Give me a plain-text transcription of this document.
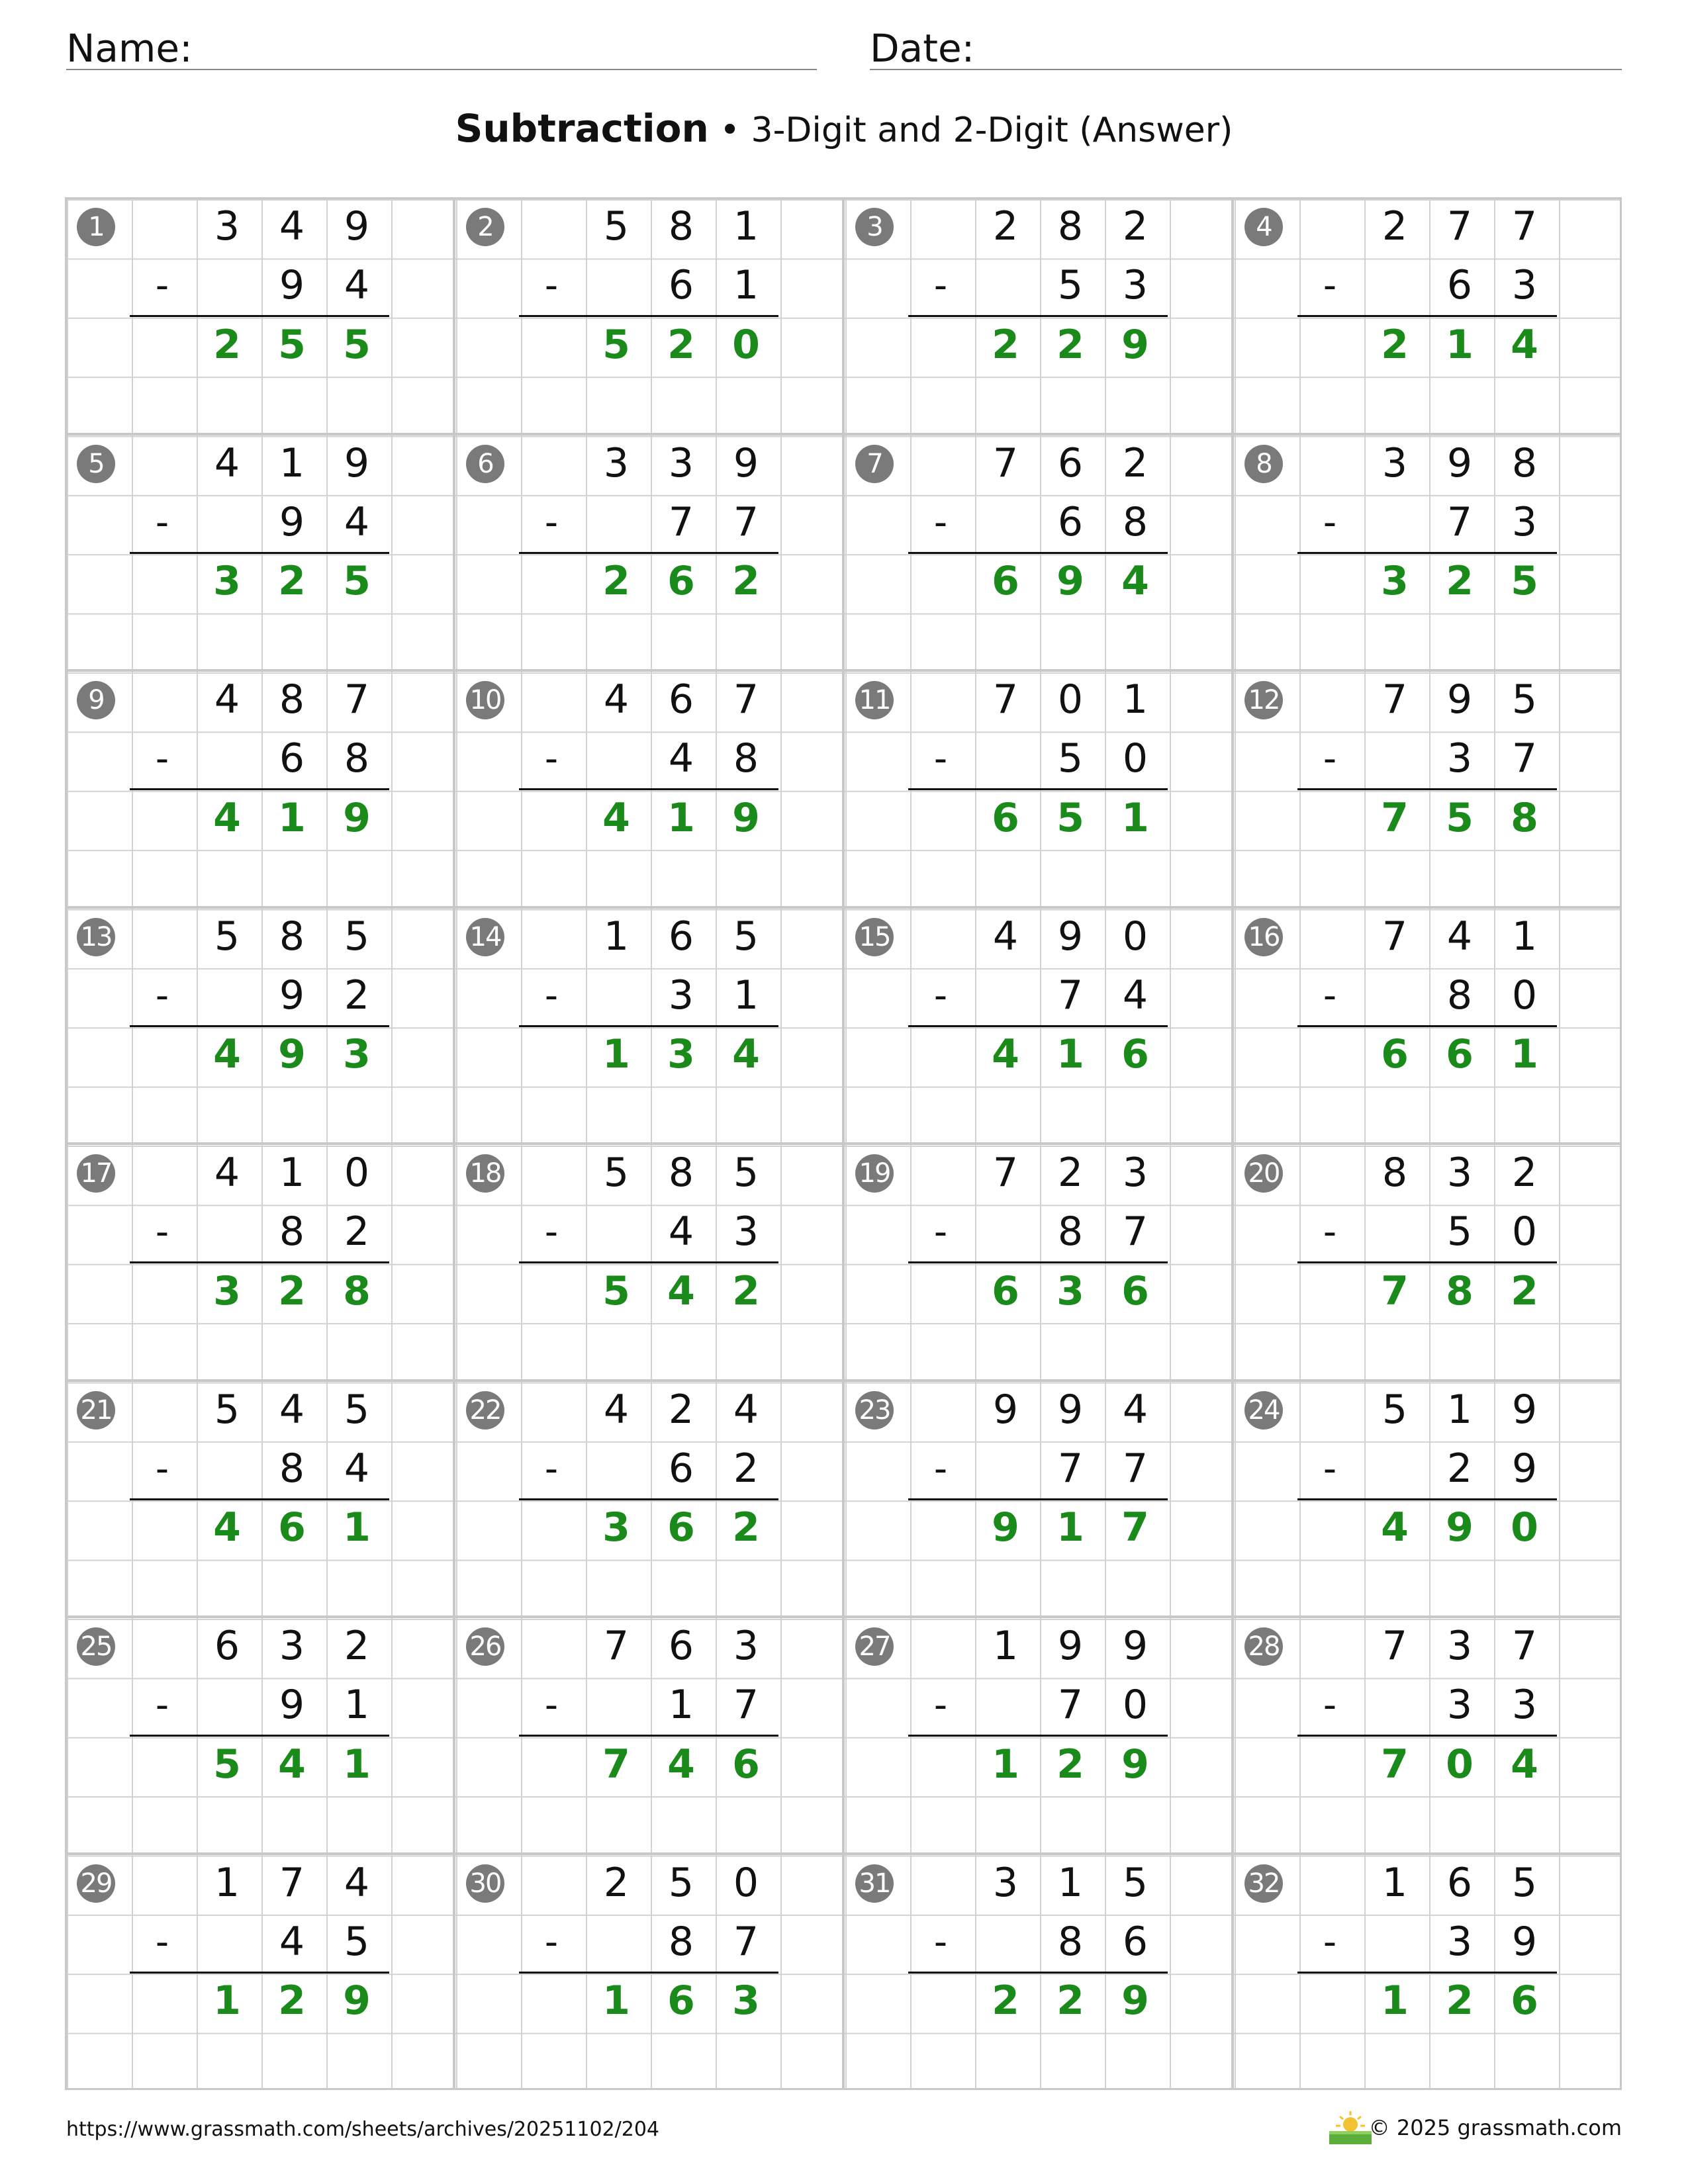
Name:	Date:
Subtraction • 3-Digit and 2-Digit (Answer)
1	3 4 9
9 4
2 5 5
-
2	5 8 1
6 1
5 2 0
-
3	2 8 2
5 3
2 2 9
-
4	2 7 7
6 3
2 1 4
-
5	4 1 9
9 4
3 2 5
-
6	3 3 9
7 7
2 6 2
-
7	7 6 2
6 8
6 9 4
-
8	3 9 8
7 3
3 2 5
-
9	4 8 7
6 8
4 1 9
-
10	4 6 7
4 8
4 1 9
-
11	7 0 1
5 0
6 5 1
-
12	7 9 5
3 7
7 5 8
-
13	5 8 5
9 2
4 9 3
-
14	1 6 5
3 1
1 3 4
-
15	4 9 0
7 4
4 1 6
-
16	7 4 1
8 0
6 6 1
-
17	4 1 0
8 2
3 2 8
-
18	5 8 5
4 3
5 4 2
-
19	7 2 3
8 7
6 3 6
-
20	8 3 2
5 0
7 8 2
-
21	5 4 5
8 4
4 6 1
-
22	4 2 4
6 2
3 6 2
-
23	9 9 4
7 7
9 1 7
-
24	5 1 9
2 9
4 9 0
-
25	6 3 2
9 1
5 4 1
-
26	7 6 3
1 7
7 4 6
-
27	1 9 9
7 0
1 2 9
-
28	7 3 7
3 3
7 0 4
-
29	1 7 4
4 5
1 2 9
-
30	2 5 0
8 7
1 6 3
-
31	3 1 5
8 6
2 2 9
-
32	1 6 5
3 9
1 2 6
-
https://www.grassmath.com/sheets/archives/20251102/204	© 2025 grassmath.com
